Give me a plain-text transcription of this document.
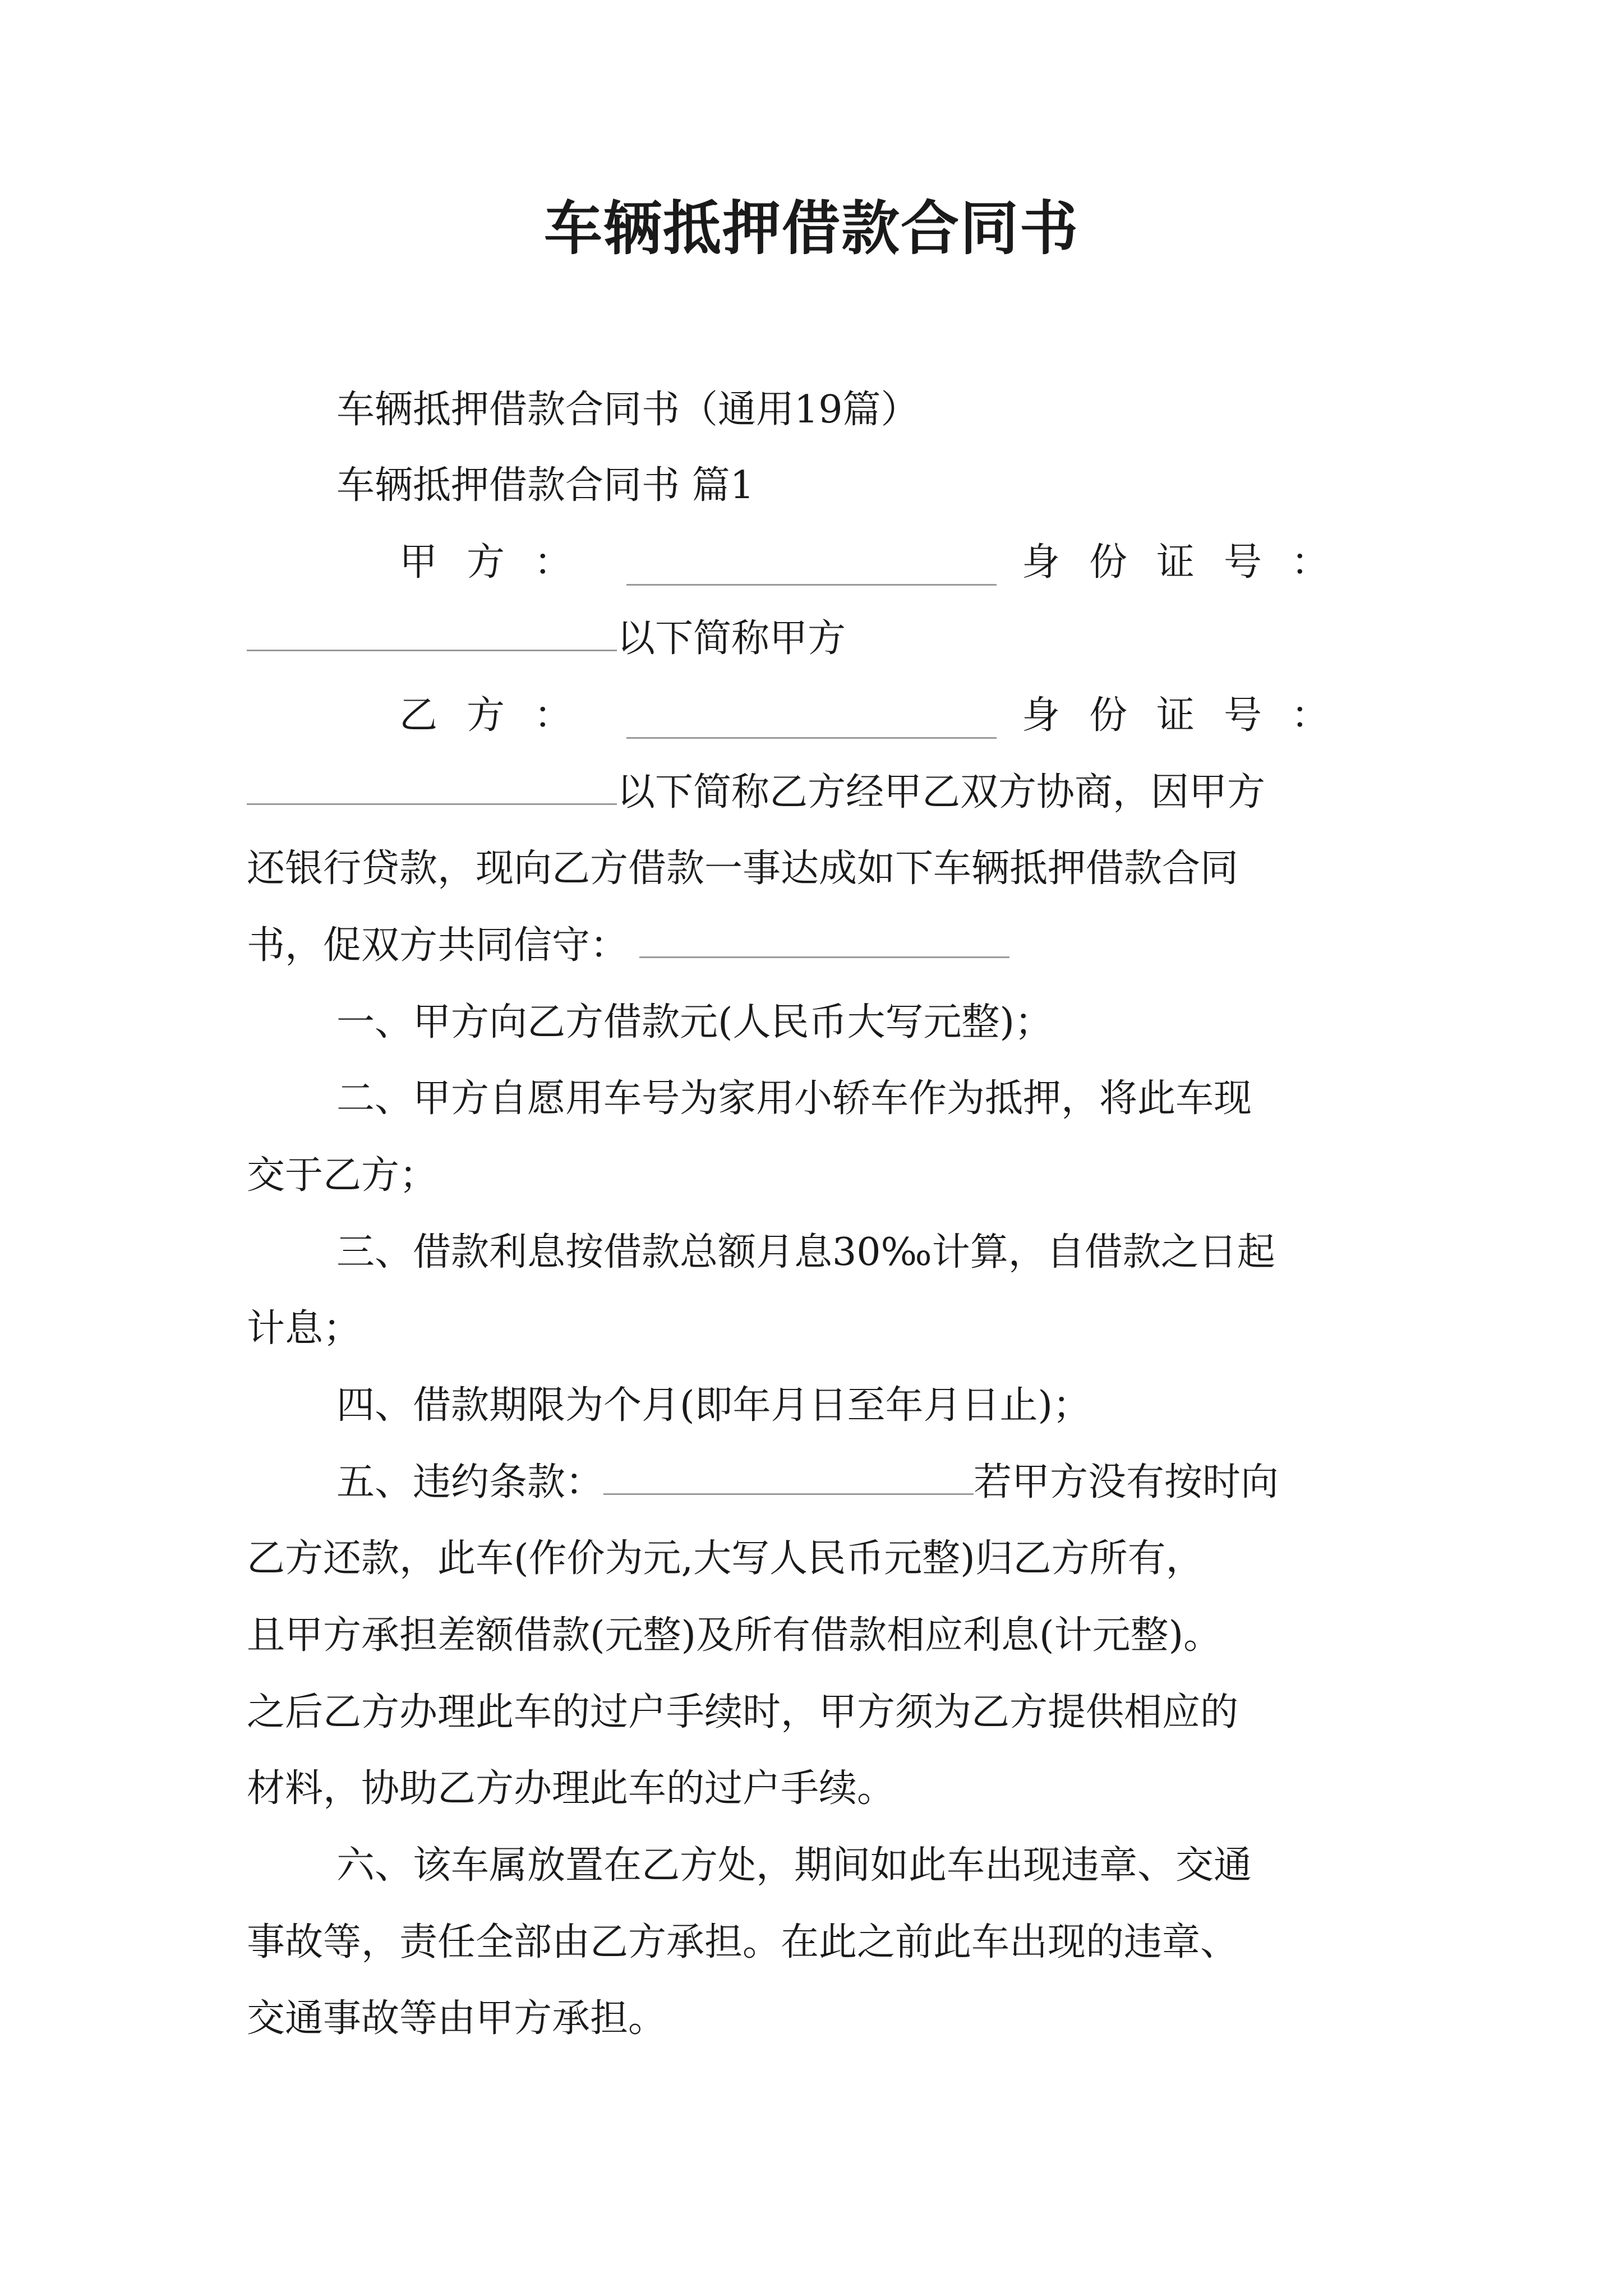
车辆抵押借款合同书
车辆抵押借款合同书（通用19篇）
车辆抵押借款合同书 篇1
甲方：	身份证号：
以下简称甲方
乙方：	身份证号：
以下简称乙方经甲乙双方协商，因甲方
还银行贷款，现向乙方借款一事达成如下车辆抵押借款合同
书，促双方共同信守：
一、甲方向乙方借款元(人民币大写元整)；
二、甲方自愿用车号为家用小轿车作为抵押，将此车现
交于乙方；
三、借款利息按借款总额月息30‰计算，自借款之日起
计息；
四、借款期限为个月(即年月日至年月日止)；
五、违约条款：	若甲方没有按时向
乙方还款，此车(作价为元,大写人民币元整)归乙方所有，
且甲方承担差额借款(元整)及所有借款相应利息(计元整)。
之后乙方办理此车的过户手续时，甲方须为乙方提供相应的
材料，协助乙方办理此车的过户手续。
六、该车属放置在乙方处，期间如此车出现违章、交通
事故等，责任全部由乙方承担。在此之前此车出现的违章、
交通事故等由甲方承担。
